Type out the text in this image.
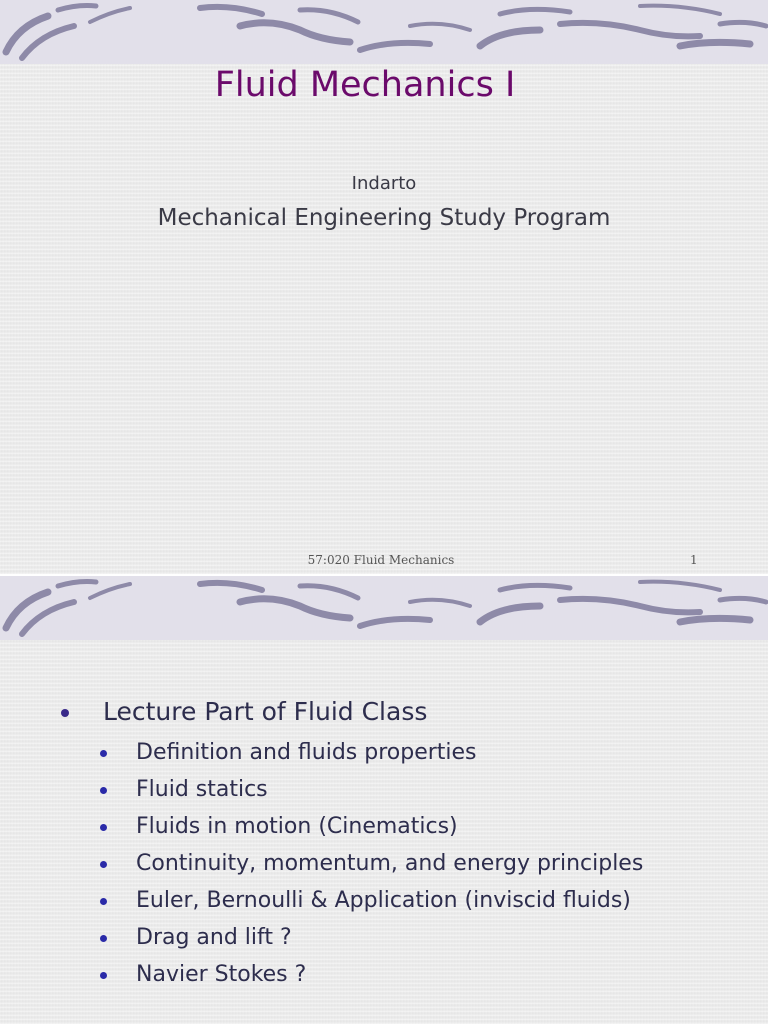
Fluid Mechanics I
Indarto
Mechanical Engineering Study Program
57:020 Fluid Mechanics	1
Lecture Part of Fluid Class
Definition and fluids properties
Fluid statics
Fluids in motion (Cinematics)
Continuity, momentum, and energy principles
Euler, Bernoulli & Application (inviscid fluids)
Drag and lift ?
Navier Stokes ?
